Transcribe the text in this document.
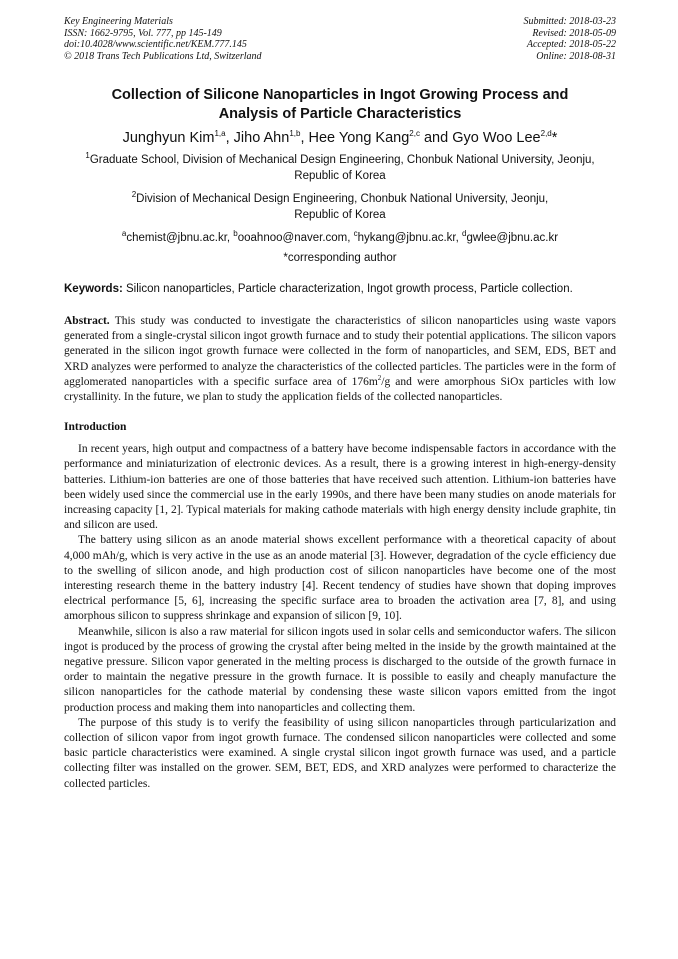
Key Engineering Materials
ISSN: 1662-9795, Vol. 777, pp 145-149
doi:10.4028/www.scientific.net/KEM.777.145
© 2018 Trans Tech Publications Ltd, Switzerland
Submitted: 2018-03-23
Revised: 2018-05-09
Accepted: 2018-05-22
Online: 2018-08-31
Collection of Silicone Nanoparticles in Ingot Growing Process and
Analysis of Particle Characteristics
Junghyun Kim$^{1,a}$, Jiho Ahn$^{1,b}$, Hee Yong Kang$^{2,c}$ and Gyo Woo Lee$^{2,d}$*
$^1$Graduate School, Division of Mechanical Design Engineering, Chonbuk National University, Jeonju,
Republic of Korea
$^2$Division of Mechanical Design Engineering, Chonbuk National University, Jeonju,
Republic of Korea
$^a$chemist@jbnu.ac.kr, $^b$ooahnoo@naver.com, $^c$hykang@jbnu.ac.kr, $^d$gwlee@jbnu.ac.kr
*corresponding author
Keywords: Silicon nanoparticles, Particle characterization, Ingot growth process, Particle collection.
Abstract. This study was conducted to investigate the characteristics of silicon nanoparticles using waste vapors generated from a single-crystal silicon ingot growth furnace and to study their potential applications. The silicon vapors generated in the silicon ingot growth furnace were collected in the form of nanoparticles, and SEM, EDS, BET and XRD analyzes were performed to analyze the characteristics of the collected particles. The particles were in the form of agglomerated nanoparticles with a specific surface area of $176m^2/g$ and were amorphous SiOx particles with low crystallinity. In the future, we plan to study the application fields of the collected nanoparticles.
Introduction
In recent years, high output and compactness of a battery have become indispensable factors in accordance with the performance and miniaturization of electronic devices. As a result, there is a growing interest in high-energy-density batteries. Lithium-ion batteries are one of those batteries that have received such attention. Lithium-ion batteries have been widely used since the commercial use in the early 1990s, and there have been many studies on anode materials for increasing capacity [1, 2]. Typical materials for making cathode materials with high energy density include graphite, tin and silicon are used.
The battery using silicon as an anode material shows excellent performance with a theoretical capacity of about 4,000 mAh/g, which is very active in the use as an anode material [3]. However, degradation of the cycle efficiency due to the swelling of silicon anode, and high production cost of silicon nanoparticles have become one of the most interesting research theme in the battery industry [4]. Recent tendency of studies have shown that doping improves electrical performance [5, 6], increasing the specific surface area to broaden the activation area [7, 8], and using amorphous silicon to suppress shrinkage and expansion of silicon [9, 10].
Meanwhile, silicon is also a raw material for silicon ingots used in solar cells and semiconductor wafers. The silicon ingot is produced by the process of growing the crystal after being melted in the inside by the growth maintained at the negative pressure. Silicon vapor generated in the melting process is discharged to the outside of the growth furnace in order to maintain the negative pressure in the growth furnace. It is possible to easily and cheaply manufacture the silicon nanoparticles for the cathode material by condensing these waste silicon vapors emitted from the ingot production process and making them into nanoparticles and collecting them.
The purpose of this study is to verify the feasibility of using silicon nanoparticles through particularization and collection of silicon vapor from ingot growth furnace. The condensed silicon nanoparticles were collected and some basic particle characteristics were examined. A single crystal silicon ingot growth furnace was used, and a particle collecting filter was installed on the grower. SEM, BET, EDS, and XRD analyzes were performed to characterize the collected particles.
